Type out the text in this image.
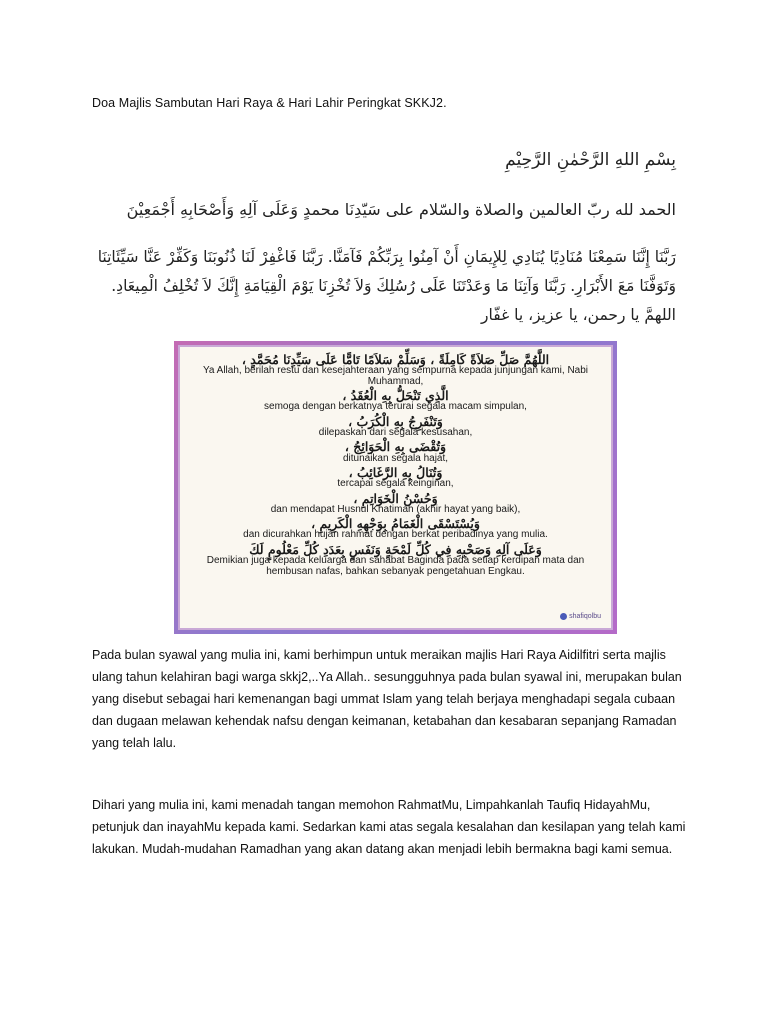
Doa Majlis Sambutan Hari Raya & Hari Lahir Peringkat SKKJ2.
بِسْمِ اللهِ الرَّحْمٰنِ الرَّحِيْمِ
الحمد لله ربّ العالمين والصلاة والسّلام على سَيّدِنَا محمدٍ وَعَلَى آلِهِ وَأَصْحَابِهِ أَجْمَعِيْنَ
رَبَّنَا إِنَّنَا سَمِعْنَا مُنَادِيًا يُنَادِي لِلإِيمَانِ أَنْ آمِنُوا بِرَبِّكُمْ فَآمَنَّا. رَبَّنَا فَاغْفِرْ لَنَا ذُنُوبَنَا وَكَفِّرْ عَنَّا سَيِّئَاتِنَا وَتَوَفَّنَا مَعَ الأَبْرَارِ. رَبَّنَا وَآتِنَا مَا وَعَدْتَنَا عَلَى رُسُلِكَ وَلاَ تُخْزِنَا يَوْمَ الْقِيَامَةِ إِنَّكَ لاَ تُخْلِفُ الْمِيعَادِ.
اللهمَّ يا رحمن، يا عزيز، يا غفّار
اللَّهُمَّ صَلِّ صَلاَةً كَامِلَةً ، وَسَلِّمْ سَلاَمًا تَامًّا عَلَى سَيِّدِنَا مُحَمَّدٍ ،
Ya Allah, berilah restu dan kesejahteraan yang sempurna kepada junjungan kami, Nabi Muhammad,
الَّذِي تَنْحَلُّ بِهِ الْعُقَدُ ،
semoga dengan berkatnya terurai segala macam simpulan,
وَتَنْفَرِجُ بِهِ الْكُرَبُ ،
dilepaskan dari segala kesusahan,
وَتُقْضَى بِهِ الْحَوَائِجُ ،
ditunaikan segala hajat,
وَتُنَالُ بِهِ الرَّغَائِبُ ،
tercapai segala keinginan,
وَحُسْنُ الْخَوَاتِمِ ،
dan mendapat Husnul Khatimah (akhir hayat yang baik),
وَيُسْتَسْقَى الْغَمَامُ بِوَجْهِهِ الْكَرِيمِ ،
dan dicurahkan hujan rahmat dengan berkat peribadinya yang mulia.
وَعَلَى آلِهِ وَصَحْبِهِ فِي كُلِّ لَمْحَةٍ وَنَفَسٍ بِعَدَدِ كُلِّ مَعْلُومٍ لَكَ
Demikian juga kepada keluarga dan sahabat Baginda pada setiap kerdipan mata dan hembusan nafas, bahkan sebanyak pengetahuan Engkau.
shafiqolbu

Pada bulan syawal yang mulia ini, kami berhimpun untuk meraikan majlis Hari Raya Aidilfitri serta majlis ulang tahun kelahiran bagi warga skkj2,..Ya Allah.. sesungguhnya pada bulan syawal ini, merupakan bulan yang disebut sebagai hari kemenangan bagi ummat Islam yang telah berjaya menghadapi segala cubaan dan dugaan melawan kehendak nafsu dengan keimanan, ketabahan dan kesabaran sepanjang Ramadan yang telah lalu.

Dihari yang mulia ini, kami menadah tangan memohon RahmatMu, Limpahkanlah Taufiq HidayahMu, petunjuk dan inayahMu kepada kami. Sedarkan kami atas segala kesalahan dan kesilapan yang telah kami lakukan. Mudah-mudahan Ramadhan yang akan datang akan menjadi lebih bermakna bagi kami semua.
